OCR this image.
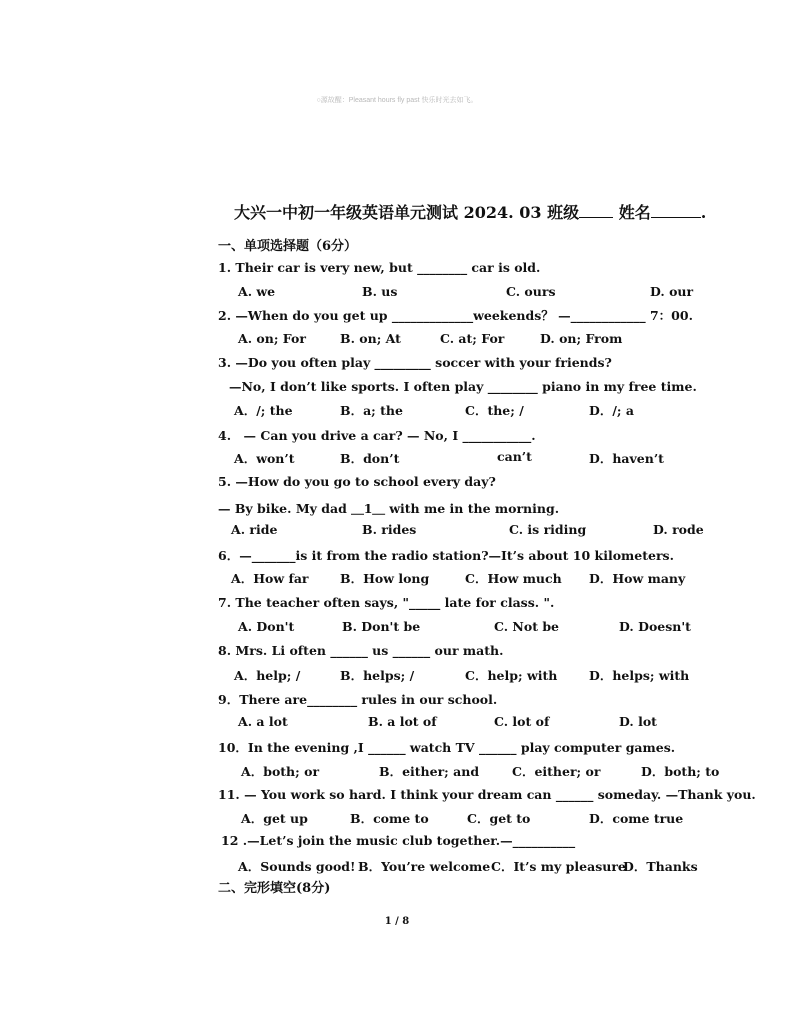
○源故醒：Pleasant hours fly past 快乐时光去如飞。
大兴一中初一年级英语单元测试 2024. 03 班级 姓名	.
一、单项选择题（6分）
1. Their car is very new, but ________ car is old.
A. we	B. us	C. ours	D. our
2. —When do you get up _____________weekends？ —____________ 7：00.
A. on; For	B. on; At	C. at; For	D. on; From
3. —Do you often play _________ soccer with your friends?
—No, I don’t like sports. I often play ________ piano in my free time.
A．/; the	B．a; the	C．the; /	D．/; a
4.　— Can you drive a car? — No, I ___________.
A．won’t	B．don’t	can’t	D．haven’t
5. —How do you go to school every day?
— By bike. My dad ＿1＿ with me in the morning.
A. ride	B. rides	C. is riding	D. rode
6．—_______is it from the radio station?—It’s about 10 kilometers.
A．How far	B．How long	C．How much D．How many
7. The teacher often says, "_____ late for class. ".
A. Don't	B. Don't be	C. Not be	D. Doesn't
8. Mrs. Li often ______ us ______ our math.
A．help; /	B．helps; /	C．help; with	D．helps; with
9．There are________ rules in our school.
A. a lot	B. a lot of	C. lot of	D. lot
10．In the evening ,I ______ watch TV ______ play computer games.
A．both; or	B．either; and	C．either; or	D．both; to
11. — You work so hard. I think your dream can ______ someday. —Thank you.
A．get up	B．come to	C．get to	D．come true
12 .—Let’s join the music club together.—__________
A．Sounds good! B．You’re welcome C．It’s my pleasure
D．Thanks
二、完形填空(8分)
1 / 8
